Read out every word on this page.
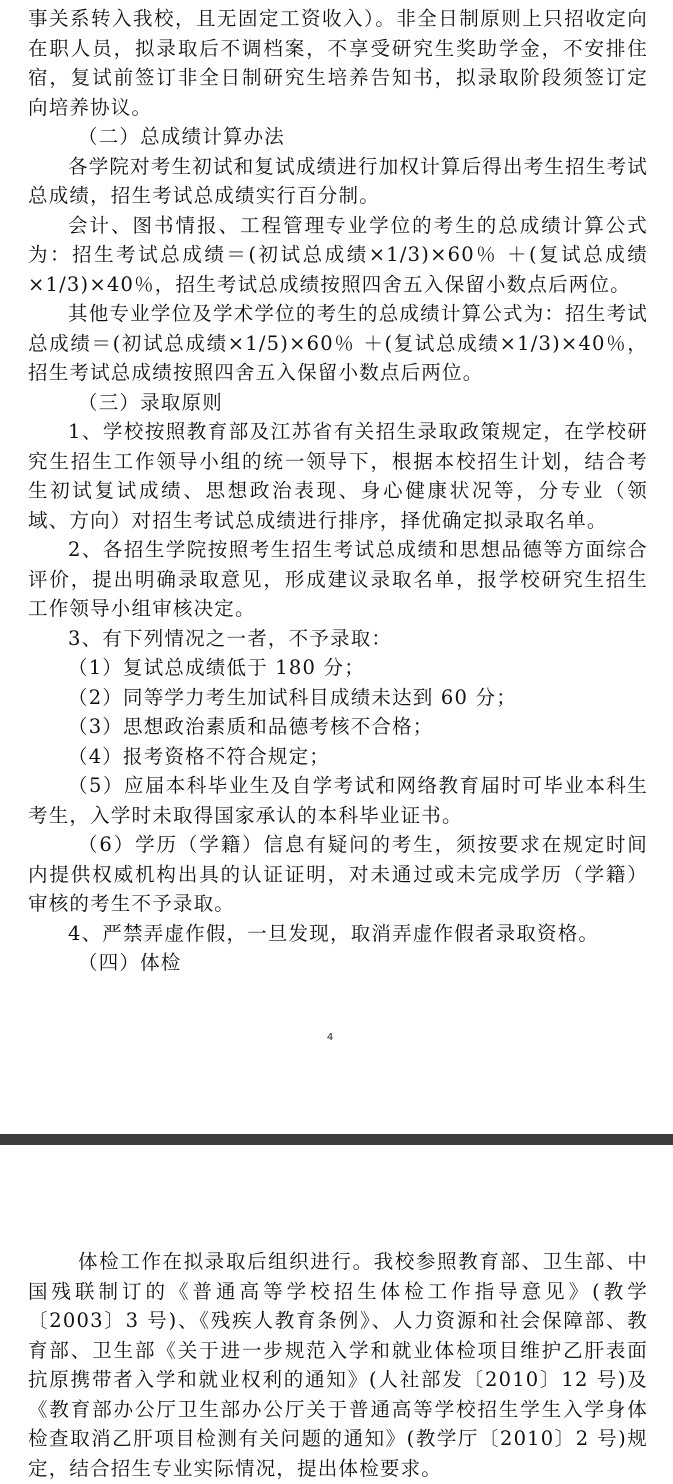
事关系转入我校，且无固定工资收入）。非全日制原则上只招收定向在职人员，拟录取后不调档案，不享受研究生奖助学金，不安排住宿，复试前签订非全日制研究生培养告知书，拟录取阶段须签订定向培养协议。

（二）总成绩计算办法

各学院对考生初试和复试成绩进行加权计算后得出考生招生考试总成绩，招生考试总成绩实行百分制。

会计、图书情报、工程管理专业学位的考生的总成绩计算公式为：招生考试总成绩＝(初试总成绩×1/3)×60％ ＋(复试总成绩×1/3)×40％，招生考试总成绩按照四舍五入保留小数点后两位。

其他专业学位及学术学位的考生的总成绩计算公式为：招生考试总成绩＝(初试总成绩×1/5)×60％ ＋(复试总成绩×1/3)×40％，招生考试总成绩按照四舍五入保留小数点后两位。

（三）录取原则

1、学校按照教育部及江苏省有关招生录取政策规定，在学校研究生招生工作领导小组的统一领导下，根据本校招生计划，结合考生初试复试成绩、思想政治表现、身心健康状况等，分专业（领域、方向）对招生考试总成绩进行排序，择优确定拟录取名单。

2、各招生学院按照考生招生考试总成绩和思想品德等方面综合评价，提出明确录取意见，形成建议录取名单，报学校研究生招生工作领导小组审核决定。

3、有下列情况之一者，不予录取：

（1）复试总成绩低于 180 分；

（2）同等学力考生加试科目成绩未达到 60 分；

（3）思想政治素质和品德考核不合格；

（4）报考资格不符合规定；

（5）应届本科毕业生及自学考试和网络教育届时可毕业本科生考生，入学时未取得国家承认的本科毕业证书。

（6）学历（学籍）信息有疑问的考生，须按要求在规定时间内提供权威机构出具的认证证明，对未通过或未完成学历（学籍）审核的考生不予录取。

4、严禁弄虚作假，一旦发现，取消弄虚作假者录取资格。

（四）体检

4

体检工作在拟录取后组织进行。我校参照教育部、卫生部、中国残联制订的《普通高等学校招生体检工作指导意见》(教学〔2003〕3 号)、《残疾人教育条例》、人力资源和社会保障部、教育部、卫生部《关于进一步规范入学和就业体检项目维护乙肝表面抗原携带者入学和就业权利的通知》(人社部发〔2010〕12 号)及《教育部办公厅卫生部办公厅关于普通高等学校招生学生入学身体检查取消乙肝项目检测有关问题的通知》(教学厅〔2010〕2 号)规定，结合招生专业实际情况，提出体检要求。
